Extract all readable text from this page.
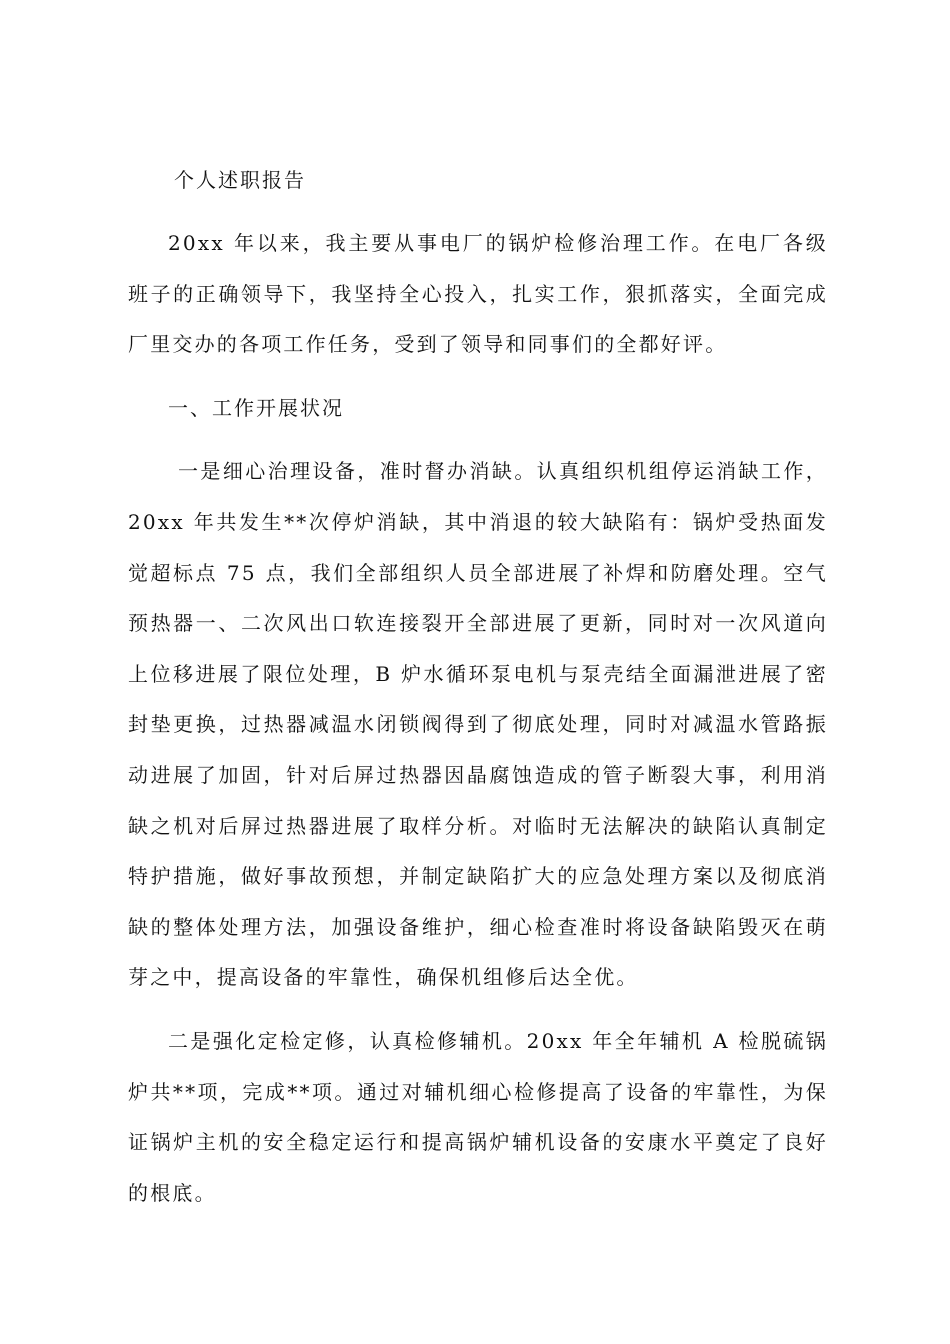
个人述职报告

20xx 年以来，我主要从事电厂的锅炉检修治理工作。在电厂各级班子的正确领导下，我坚持全心投入，扎实工作，狠抓落实，全面完成厂里交办的各项工作任务，受到了领导和同事们的全都好评。

一、工作开展状况

一是细心治理设备，准时督办消缺。认真组织机组停运消缺工作，20xx 年共发生**次停炉消缺，其中消退的较大缺陷有：锅炉受热面发觉超标点 75 点，我们全部组织人员全部进展了补焊和防磨处理。空气预热器一、二次风出口软连接裂开全部进展了更新，同时对一次风道向上位移进展了限位处理，B 炉水循环泵电机与泵壳结全面漏泄进展了密封垫更换，过热器减温水闭锁阀得到了彻底处理，同时对减温水管路振动进展了加固，针对后屏过热器因晶腐蚀造成的管子断裂大事，利用消缺之机对后屏过热器进展了取样分析。对临时无法解决的缺陷认真制定特护措施，做好事故预想，并制定缺陷扩大的应急处理方案以及彻底消缺的整体处理方法，加强设备维护，细心检查准时将设备缺陷毁灭在萌芽之中，提高设备的牢靠性，确保机组修后达全优。

二是强化定检定修，认真检修辅机。20xx 年全年辅机 A 检脱硫锅炉共**项，完成**项。通过对辅机细心检修提高了设备的牢靠性，为保证锅炉主机的安全稳定运行和提高锅炉辅机设备的安康水平奠定了良好的根底。
